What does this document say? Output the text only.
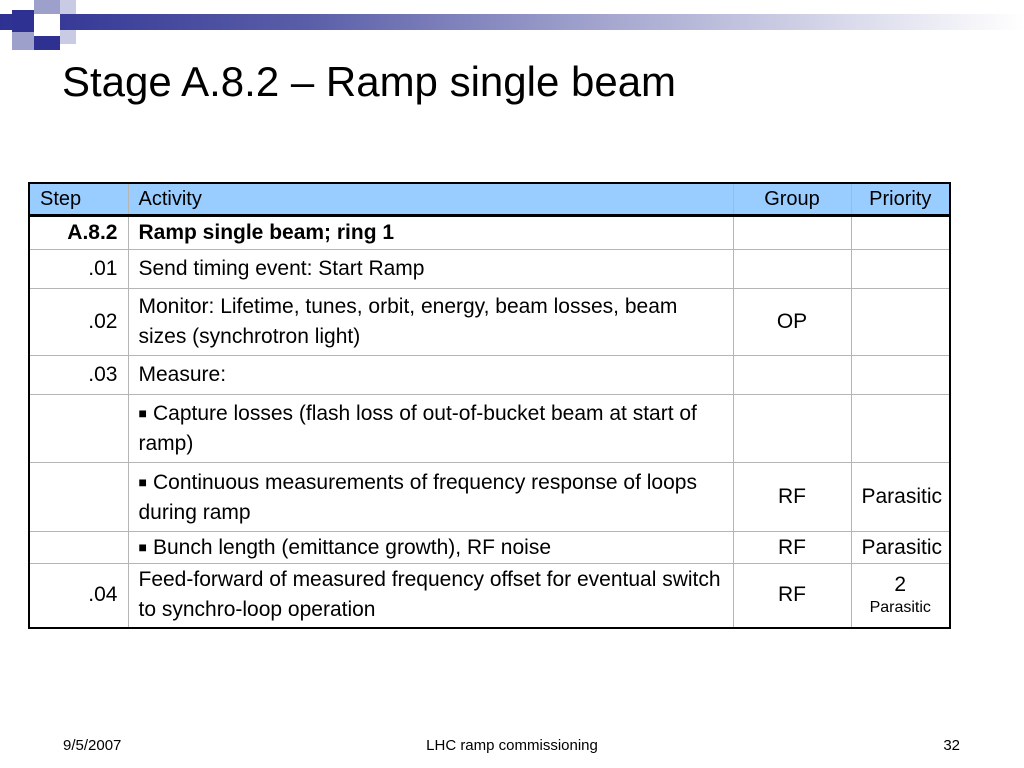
Stage A.8.2 – Ramp single beam
Step	Activity	Group	Priority
A.8.2	Ramp single beam; ring 1		
.01	Send timing event: Start Ramp		
.02	Monitor: Lifetime, tunes, orbit, energy, beam losses, beam sizes (synchrotron light)	OP	
.03	Measure:		
	■ Capture losses (flash loss of out-of-bucket beam at start of ramp)		
	■ Continuous measurements of frequency response of loops during ramp	RF	Parasitic
	■ Bunch length (emittance growth), RF noise	RF	Parasitic
.04	Feed-forward of measured frequency offset for eventual switch to synchro-loop operation	RF	2
Parasitic
9/5/2007	LHC ramp commissioning	32
